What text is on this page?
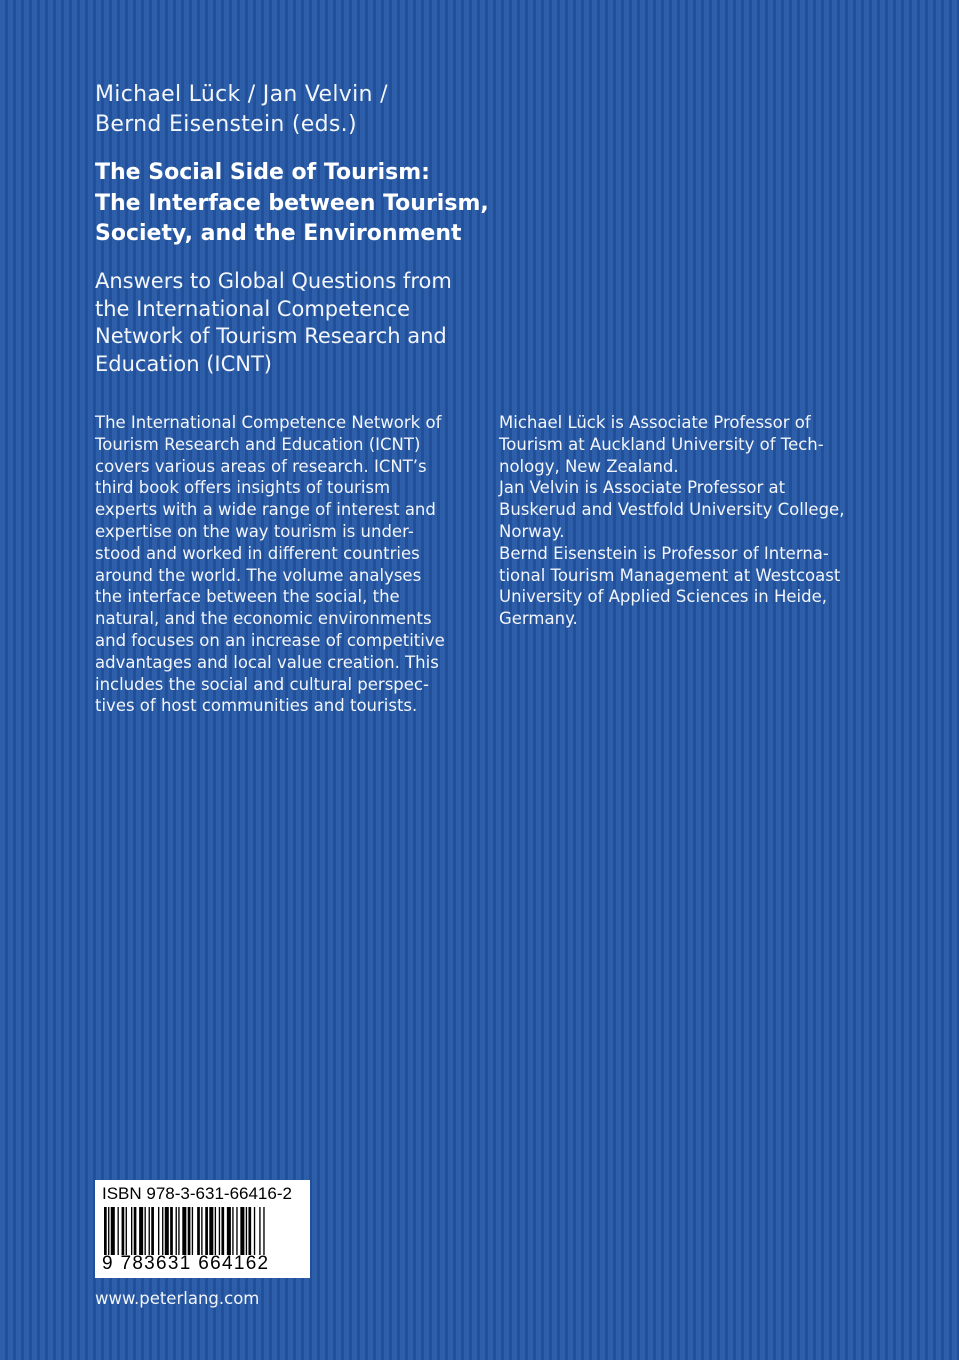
Michael Lück / Jan Velvin /
Bernd Eisenstein (eds.)
The Social Side of Tourism:
The Interface between Tourism,
Society, and the Environment
Answers to Global Questions from
the International Competence
Network of Tourism Research and
Education (ICNT)
The International Competence Network of
Tourism Research and Education (ICNT)
covers various areas of research. ICNT’s
third book offers insights of tourism
experts with a wide range of interest and
expertise on the way tourism is under-
stood and worked in different countries
around the world. The volume analyses
the interface between the social, the
natural, and the economic environments
and focuses on an increase of competitive
advantages and local value creation. This
includes the social and cultural perspec-
tives of host communities and tourists.
Michael Lück is Associate Professor of
Tourism at Auckland University of Tech-
nology, New Zealand.
Jan Velvin is Associate Professor at
Buskerud and Vestfold University College,
Norway.
Bernd Eisenstein is Professor of Interna-
tional Tourism Management at Westcoast
University of Applied Sciences in Heide,
Germany.
ISBN 978-3-631-66416-2
9 783631 664162
www.peterlang.com
